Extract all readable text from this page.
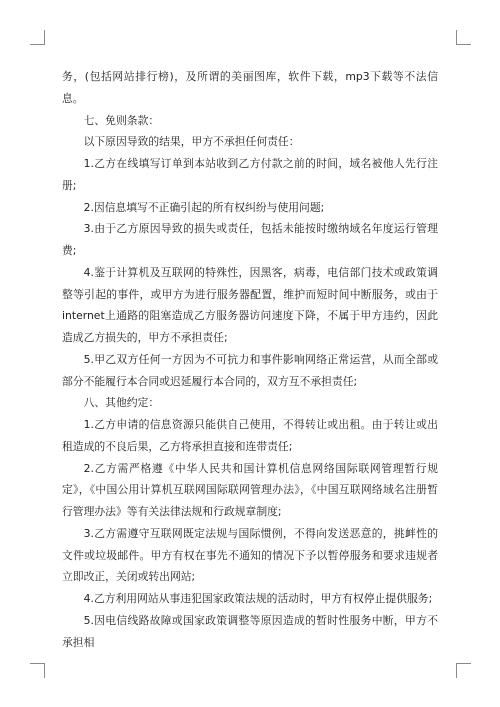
务，(包括网站排行榜)，及所谓的美丽图库，软件下载，mp3下载等不法信息。

七、免则条款：

以下原因导致的结果，甲方不承担任何责任：

1.乙方在线填写订单到本站收到乙方付款之前的时间，域名被他人先行注册;

2.因信息填写不正确引起的所有权纠纷与使用问题;

3.由于乙方原因导致的损失或责任，包括未能按时缴纳域名年度运行管理费;

4.鉴于计算机及互联网的特殊性，因黑客，病毒，电信部门技术或政策调整等引起的事件，或甲方为进行服务器配置，维护而短时间中断服务，或由于internet上通路的阻塞造成乙方服务器访问速度下降，不属于甲方违约，因此造成乙方损失的，甲方不承担责任;

5.甲乙双方任何一方因为不可抗力和事件影响网络正常运营，从而全部或部分不能履行本合同或迟延履行本合同的，双方互不承担责任;

八、其他约定：

1.乙方申请的信息资源只能供自己使用，不得转让或出租。由于转让或出租造成的不良后果，乙方将承担直接和连带责任;

2.乙方需严格遵《中华人民共和国计算机信息网络国际联网管理暂行规定》，《中国公用计算机互联网国际联网管理办法》，《中国互联网络域名注册暂行管理办法》等有关法律法规和行政规章制度;

3.乙方需遵守互联网既定法规与国际惯例，不得向发送恶意的，挑衅性的文件或垃圾邮件。甲方有权在事先不通知的情况下予以暂停服务和要求违规者立即改正，关闭或转出网站;

4.乙方利用网站从事违犯国家政策法规的活动时，甲方有权停止提供服务;

5.因电信线路故障或国家政策调整等原因造成的暂时性服务中断，甲方不承担相
